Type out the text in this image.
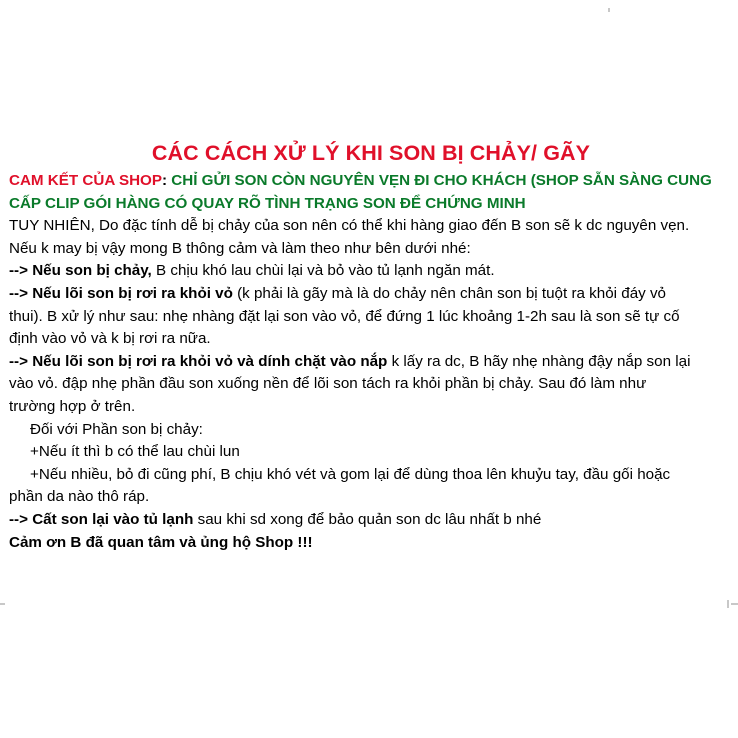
CÁC CÁCH XỬ LÝ KHI SON BỊ CHẢY/ GÃY
CAM KẾT CỦA SHOP: CHỈ GỬI SON CÒN NGUYÊN VẸN ĐI CHO KHÁCH (SHOP SẴN SÀNG CUNG
CẤP CLIP GÓI HÀNG CÓ QUAY RÕ TÌNH TRẠNG SON ĐỂ CHỨNG MINH
TUY NHIÊN, Do đặc tính dễ bị chảy của son nên có thể khi hàng giao đến B son sẽ k dc nguyên vẹn.
Nếu k may bị vậy mong B thông cảm và làm theo như bên dưới nhé:
--> Nếu son bị chảy, B chịu khó lau chùi lại và bỏ vào tủ lạnh ngăn mát.
--> Nếu lõi son bị rơi ra khỏi vỏ (k phải là gãy mà là do chảy nên chân son bị tuột ra khỏi đáy vỏ
thui). B xử lý như sau: nhẹ nhàng đặt lại son vào vỏ, để đứng 1 lúc khoảng 1-2h sau là son sẽ tự cố
định vào vỏ và k bị rơi ra nữa.
--> Nếu lõi son bị rơi ra khỏi vỏ và dính chặt vào nắp k lấy ra dc, B hãy nhẹ nhàng đậy nắp son lại
vào vỏ. đập nhẹ phần đầu son xuống nền để lõi son tách ra khỏi phần bị chảy. Sau đó làm như
trường hợp ở trên.
Đối với Phần son bị chảy:
+Nếu ít thì b có thể lau chùi lun
+Nếu nhiều, bỏ đi cũng phí, B chịu khó vét và gom lại để dùng thoa lên khuỷu tay, đầu gối hoặc
phần da nào thô ráp.
--> Cất son lại vào tủ lạnh sau khi sd xong để bảo quản son dc lâu nhất b nhé
Cảm ơn B đã quan tâm và ủng hộ Shop !!!
